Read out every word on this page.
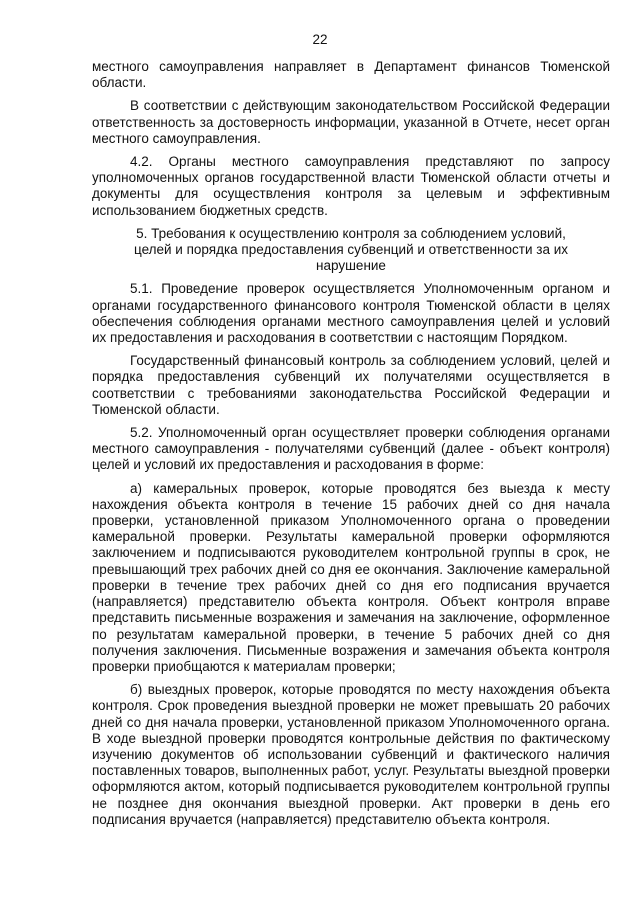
22

местного самоуправления направляет в Департамент финансов Тюменской области.

В соответствии с действующим законодательством Российской Федерации ответственность за достоверность информации, указанной в Отчете, несет орган местного самоуправления.

4.2. Органы местного самоуправления представляют по запросу уполномоченных органов государственной власти Тюменской области отчеты и документы для осуществления контроля за целевым и эффективным использованием бюджетных средств.

5. Требования к осуществлению контроля за соблюдением условий, целей и порядка предоставления субвенций и ответственности за их нарушение

5.1. Проведение проверок осуществляется Уполномоченным органом и органами государственного финансового контроля Тюменской области в целях обеспечения соблюдения органами местного самоуправления целей и условий их предоставления и расходования в соответствии с настоящим Порядком.

Государственный финансовый контроль за соблюдением условий, целей и порядка предоставления субвенций их получателями осуществляется в соответствии с требованиями законодательства Российской Федерации и Тюменской области.

5.2. Уполномоченный орган осуществляет проверки соблюдения органами местного самоуправления - получателями субвенций (далее - объект контроля) целей и условий их предоставления и расходования в форме:

а) камеральных проверок, которые проводятся без выезда к месту нахождения объекта контроля в течение 15 рабочих дней со дня начала проверки, установленной приказом Уполномоченного органа о проведении камеральной проверки. Результаты камеральной проверки оформляются заключением и подписываются руководителем контрольной группы в срок, не превышающий трех рабочих дней со дня ее окончания. Заключение камеральной проверки в течение трех рабочих дней со дня его подписания вручается (направляется) представителю объекта контроля. Объект контроля вправе представить письменные возражения и замечания на заключение, оформленное по результатам камеральной проверки, в течение 5 рабочих дней со дня получения заключения. Письменные возражения и замечания объекта контроля проверки приобщаются к материалам проверки;

б) выездных проверок, которые проводятся по месту нахождения объекта контроля. Срок проведения выездной проверки не может превышать 20 рабочих дней со дня начала проверки, установленной приказом Уполномоченного органа. В ходе выездной проверки проводятся контрольные действия по фактическому изучению документов об использовании субвенций и фактического наличия поставленных товаров, выполненных работ, услуг. Результаты выездной проверки оформляются актом, который подписывается руководителем контрольной группы не позднее дня окончания выездной проверки. Акт проверки в день его подписания вручается (направляется) представителю объекта контроля.
